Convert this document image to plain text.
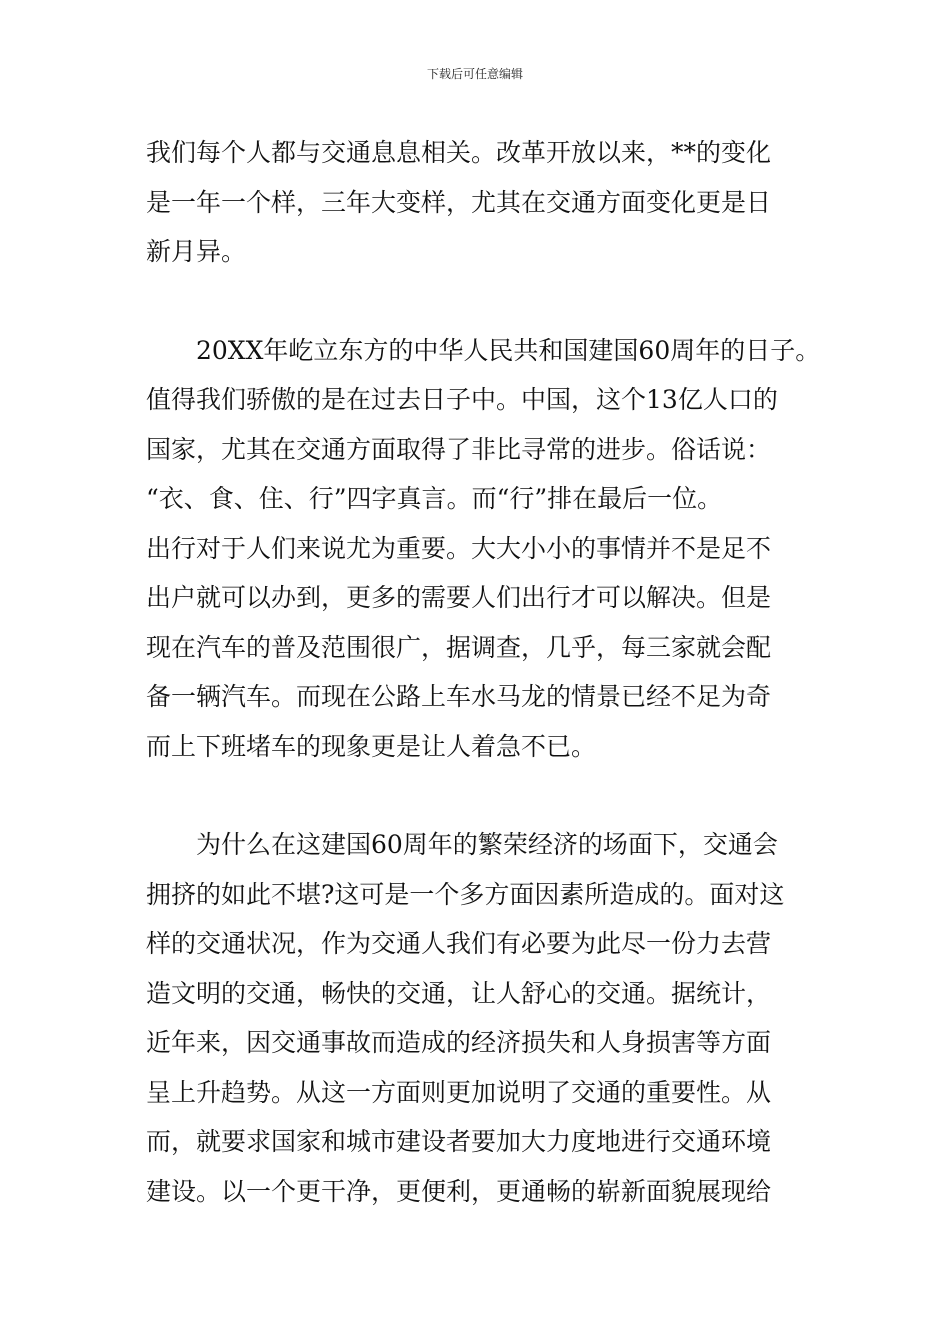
下载后可任意编辑
我们每个人都与交通息息相关。改革开放以来，**的变化
是一年一个样，三年大变样，尤其在交通方面变化更是日
新月异。
20XX年屹立东方的中华人民共和国建国60周年的日子。
值得我们骄傲的是在过去日子中。中国，这个13亿人口的
国家，尤其在交通方面取得了非比寻常的进步。俗话说：
“衣、食、住、行”四字真言。而“行”排在最后一位。
出行对于人们来说尤为重要。大大小小的事情并不是足不
出户就可以办到，更多的需要人们出行才可以解决。但是
现在汽车的普及范围很广，据调查，几乎，每三家就会配
备一辆汽车。而现在公路上车水马龙的情景已经不足为奇
而上下班堵车的现象更是让人着急不已。
为什么在这建国60周年的繁荣经济的场面下，交通会
拥挤的如此不堪?这可是一个多方面因素所造成的。面对这
样的交通状况，作为交通人我们有必要为此尽一份力去营
造文明的交通，畅快的交通，让人舒心的交通。据统计，
近年来，因交通事故而造成的经济损失和人身损害等方面
呈上升趋势。从这一方面则更加说明了交通的重要性。从
而，就要求国家和城市建设者要加大力度地进行交通环境
建设。以一个更干净，更便利，更通畅的崭新面貌展现给
